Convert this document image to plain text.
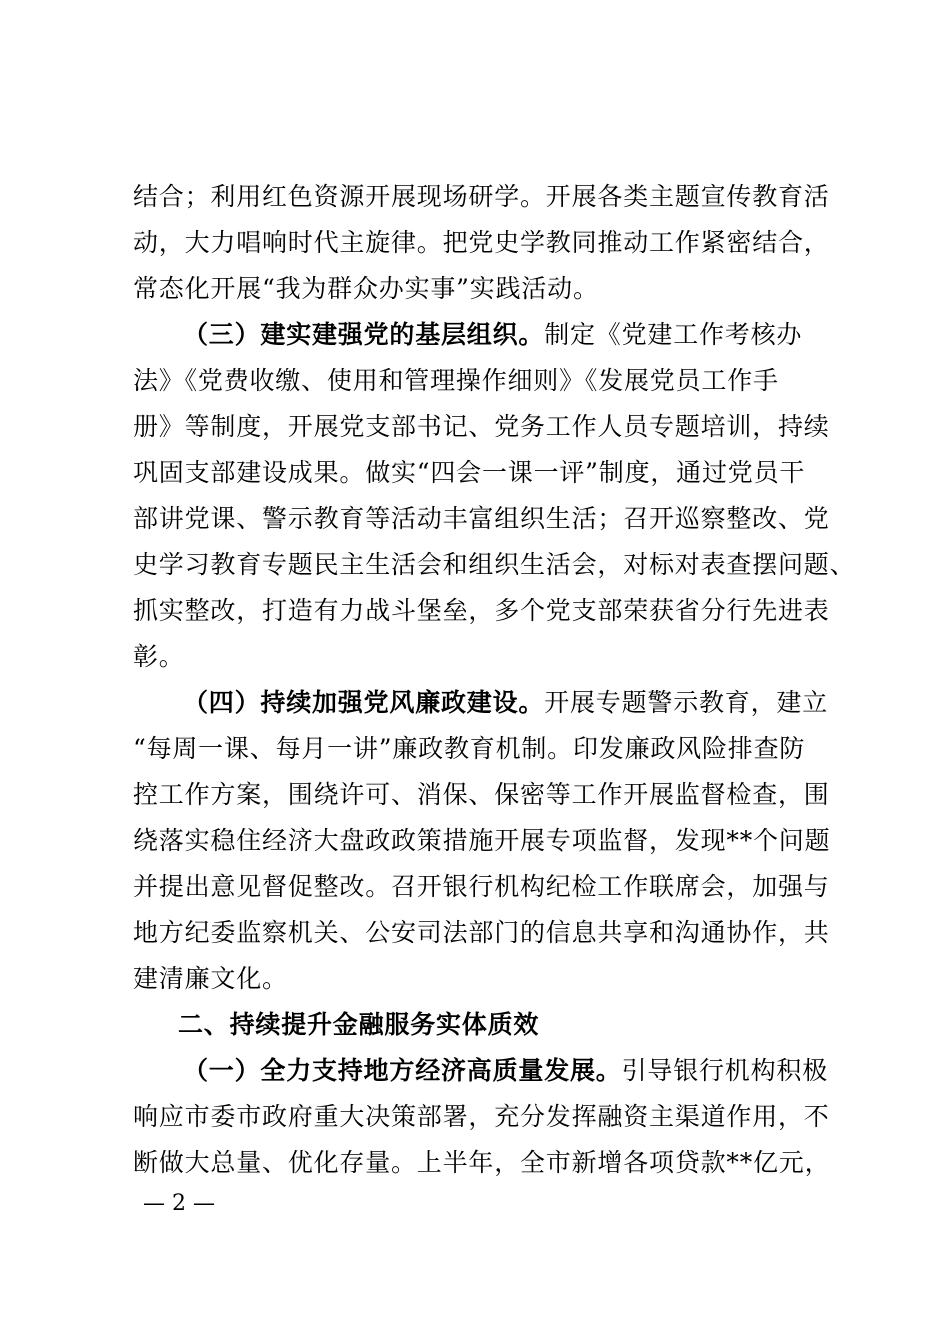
结合；利用红色资源开展现场研学。开展各类主题宣传教育活
动，大力唱响时代主旋律。把党史学教同推动工作紧密结合，
常态化开展“我为群众办实事”实践活动。
（三）建实建强党的基层组织。制定《党建工作考核办
法》《党费收缴、使用和管理操作细则》《发展党员工作手
册》等制度，开展党支部书记、党务工作人员专题培训，持续
巩固支部建设成果。做实“四会一课一评”制度，通过党员干
部讲党课、警示教育等活动丰富组织生活；召开巡察整改、党
史学习教育专题民主生活会和组织生活会，对标对表查摆问题、
抓实整改，打造有力战斗堡垒，多个党支部荣获省分行先进表
彰。
（四）持续加强党风廉政建设。开展专题警示教育，建立
“每周一课、每月一讲”廉政教育机制。印发廉政风险排查防
控工作方案，围绕许可、消保、保密等工作开展监督检查，围
绕落实稳住经济大盘政政策措施开展专项监督，发现**个问题
并提出意见督促整改。召开银行机构纪检工作联席会，加强与
地方纪委监察机关、公安司法部门的信息共享和沟通协作，共
建清廉文化。
二、持续提升金融服务实体质效
（一）全力支持地方经济高质量发展。引导银行机构积极
响应市委市政府重大决策部署，充分发挥融资主渠道作用，不
断做大总量、优化存量。上半年，全市新增各项贷款**亿元，
— 2 —
